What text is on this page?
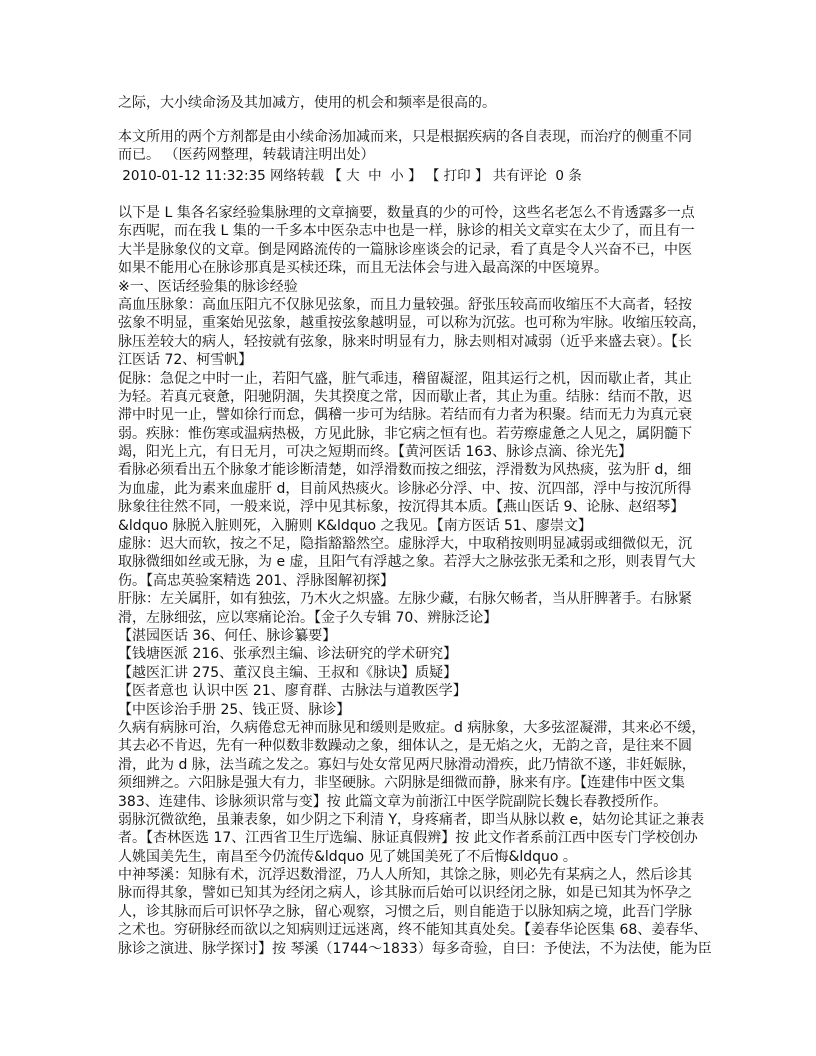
之际，大小续命汤及其加减方，使用的机会和频率是很高的。
本文所用的两个方剂都是由小续命汤加减而来，只是根据疾病的各自表现，而治疗的侧重不同
而已。 （医药网整理，转载请注明出处）
2010-01-12 11:32:35 网络转载 【 大 中 小 】 【 打印 】 共有评论 0 条
以下是 L 集各名家经验集脉理的文章摘要，数量真的少的可怜，这些名老怎么不肯透露多一点
东西呢，而在我 L 集的一千多本中医杂志中也是一样，脉诊的相关文章实在太少了，而且有一
大半是脉象仪的文章。倒是网路流传的一篇脉诊座谈会的记录，看了真是令人兴奋不已，中医
如果不能用心在脉诊那真是买椟还珠，而且无法体会与进入最高深的中医境界。
※一、医话经验集的脉诊经验
高血压脉象：高血压阳亢不仅脉见弦象，而且力量较强。舒张压较高而收缩压不大高者，轻按
弦象不明显，重案始见弦象，越重按弦象越明显，可以称为沉弦。也可称为牢脉。收缩压较高，
脉压差较大的病人，轻按就有弦象，脉来时明显有力，脉去则相对减弱（近乎来盛去衰）。【长
江医话 72、柯雪帆】
促脉：急促之中时一止，若阳气盛，脏气乖违，稽留凝涩，阻其运行之机，因而歇止者，其止
为轻。若真元衰惫，阳驰阴涸，失其揆度之常，因而歇止者，其止为重。结脉：结而不散，迟
滞中时见一止，譬如徐行而怠，偶稽一步可为结脉。若结而有力者为积聚。结而无力为真元衰
弱。疾脉：惟伤寒或温病热极，方见此脉，非它病之恒有也。若劳瘵虚惫之人见之，属阴髓下
竭，阳光上亢，有日无月，可决之短期而终。【黄河医话 163、脉诊点滴、徐光先】
看脉必须看出五个脉象才能诊断清楚，如浮滑数而按之细弦，浮滑数为风热痰，弦为肝 d，细
为血虚，此为素来血虚肝 d，目前风热痰火。诊脉必分浮、中、按、沉四部，浮中与按沉所得
脉象往往然不同，一般来说，浮中见其标象，按沉得其本质。【燕山医话 9、论脉、赵绍琴】
&ldquo 脉脱入脏则死，入腑则 K&ldquo 之我见。【南方医话 51、廖崇文】
虚脉：迟大而软，按之不足，隐指豁豁然空。虚脉浮大，中取稍按则明显减弱或细微似无，沉
取脉微细如丝或无脉，为 e 虚，且阳气有浮越之象。若浮大之脉弦张无柔和之形，则表胃气大
伤。【高忠英验案精选 201、浮脉图解初探】
肝脉：左关属肝，如有独弦，乃木火之炽盛。左脉少藏，右脉欠畅者，当从肝脾著手。右脉紧
滑，左脉细弦，应以寒痛论治。【金子久专辑 70、辨脉泛论】
【湛园医话 36、何任、脉诊纂要】
【钱塘医派 216、张承烈主编、诊法研究的学术研究】
【越医汇讲 275、董汉良主编、王叔和《脉诀】质疑】
【医者意也 认识中医 21、廖育群、古脉法与道教医学】
【中医诊治手册 25、钱正贤、脉诊】
久病有病脉可治，久病倦怠无神而脉见和缓则是败症。d 病脉象，大多弦涩凝滞，其来必不缓，
其去必不肯迟，先有一种似数非数躁动之象，细体认之，是无焰之火，无韵之音，是往来不圆
滑，此为 d 脉，法当疏之发之。寡妇与处女常见两尺脉滑动滑疾，此乃情欲不遂，非妊娠脉，
须细辨之。六阳脉是强大有力，非坚硬脉。六阴脉是细微而静，脉来有序。【连建伟中医文集
383、连建伟、诊脉须识常与变】按 此篇文章为前浙江中医学院副院长魏长春教授所作。
弱脉沉微欲绝，虽兼表象，如少阴之下利清 Y，身疼痛者，即当从脉以救 e，姑勿论其证之兼表
者。【杏林医选 17、江西省卫生厅选编、脉证真假辨】按 此文作者系前江西中医专门学校创办
人姚国美先生，南昌至今仍流传&ldquo 见了姚国美死了不后悔&ldquo 。
中神琴溪：知脉有术，沉浮迟数滑涩，乃人人所知，其馀之脉，则必先有某病之人，然后诊其
脉而得其象，譬如已知其为经闭之病人，诊其脉而后始可以识经闭之脉，如是已知其为怀孕之
人，诊其脉而后可识怀孕之脉，留心观察，习惯之后，则自能造于以脉知病之境，此吾门学脉
之术也。穷研脉经而欲以之知病则迂远迷离，终不能知其真处矣。【姜春华论医集 68、姜春华、
脉诊之演进、脉学探讨】按 琴溪（1744～1833）每多奇验，自曰：予使法，不为法使，能为臣
